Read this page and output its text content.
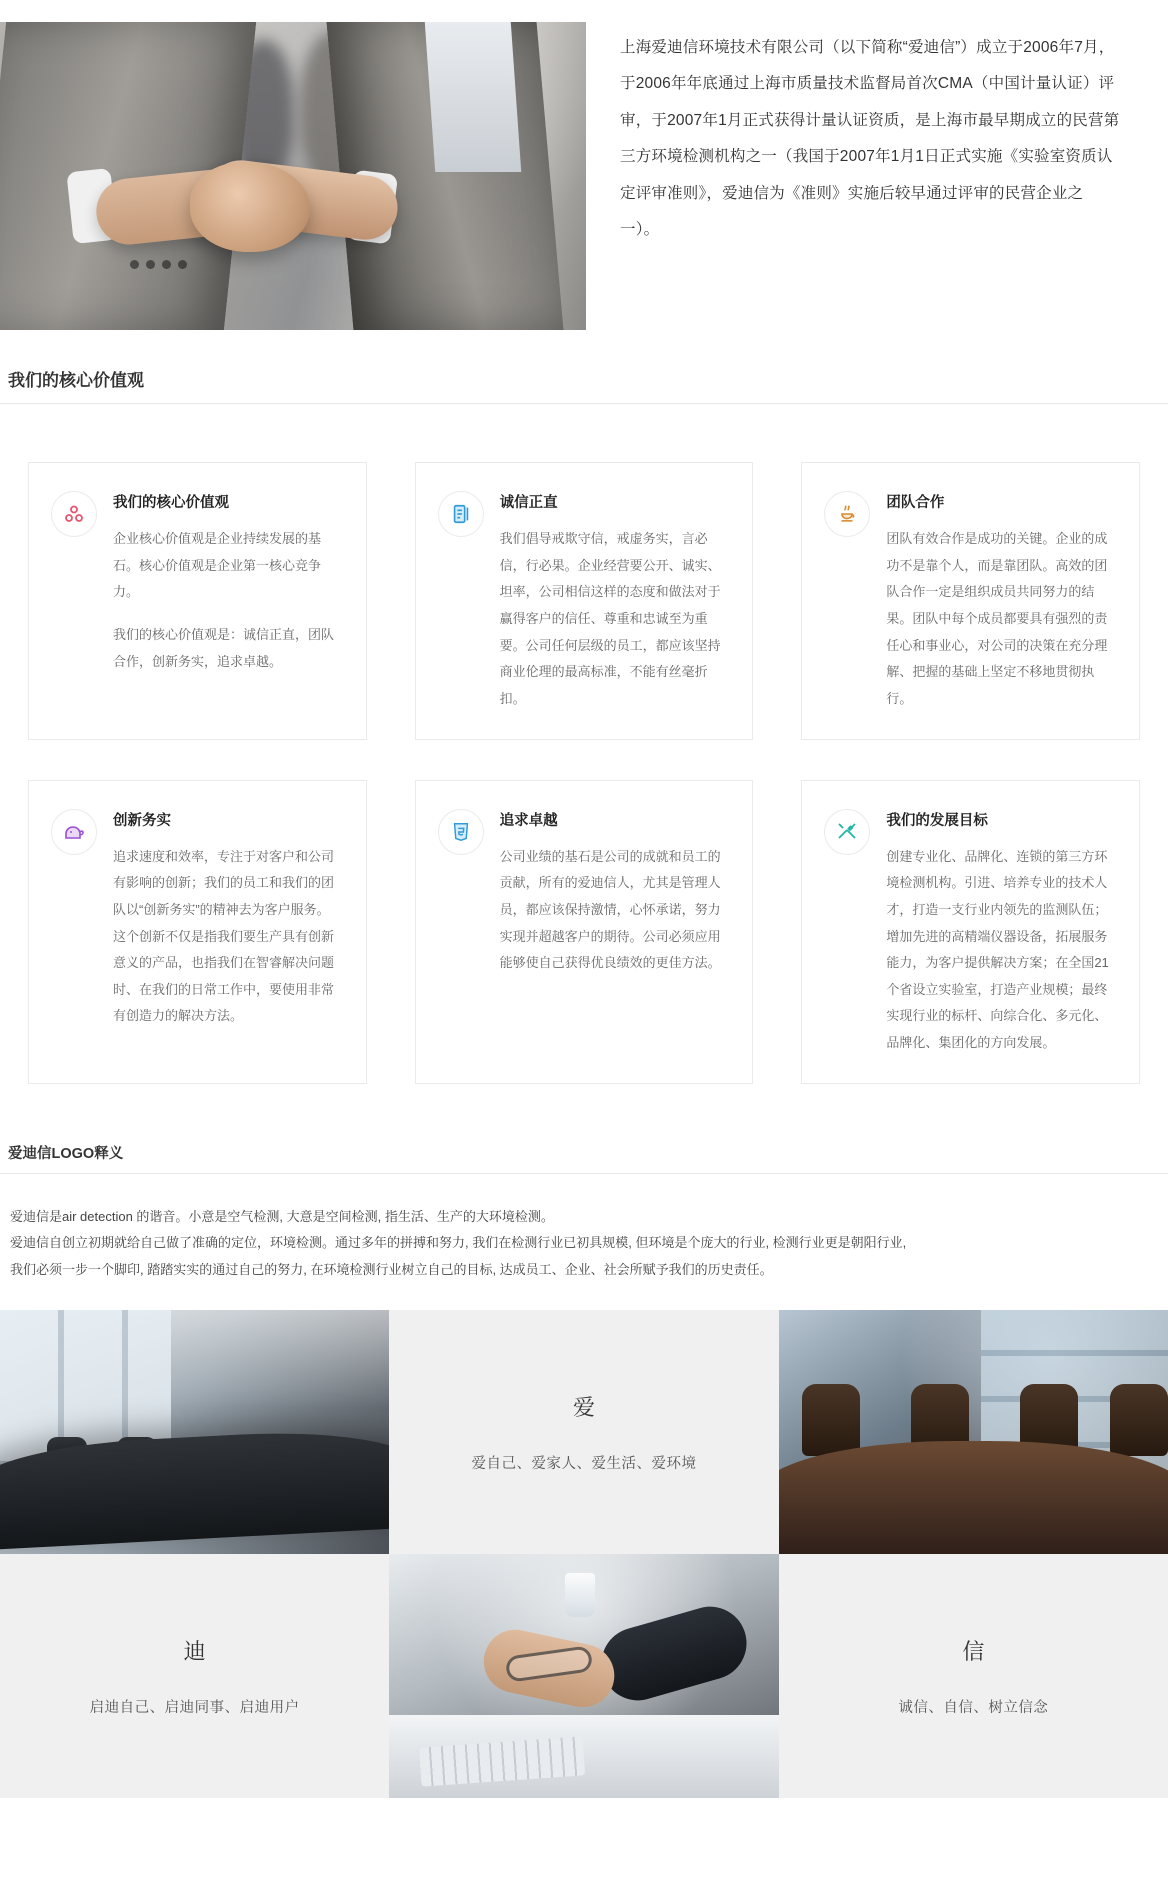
上海爱迪信环境技术有限公司（以下简称“爱迪信”）成立于2006年7月，于2006年年底通过上海市质量技术监督局首次CMA（中国计量认证）评审，于2007年1月正式获得计量认证资质，是上海市最早期成立的民营第三方环境检测机构之一（我国于2007年1月1日正式实施《实验室资质认定评审准则》，爱迪信为《准则》实施后较早通过评审的民营企业之一）。
我们的核心价值观
我们的核心价值观

企业核心价值观是企业持续发展的基石。核心价值观是企业第一核心竞争力。

我们的核心价值观是：诚信正直，团队合作，创新务实，追求卓越。

诚信正直

我们倡导戒欺守信，戒虚务实，言必信，行必果。企业经营要公开、诚实、坦率，公司相信这样的态度和做法对于赢得客户的信任、尊重和忠诚至为重要。公司任何层级的员工，都应该坚持商业伦理的最高标准，不能有丝毫折扣。

团队合作

团队有效合作是成功的关键。企业的成功不是靠个人，而是靠团队。高效的团队合作一定是组织成员共同努力的结果。团队中每个成员都要具有强烈的责任心和事业心，对公司的决策在充分理解、把握的基础上坚定不移地贯彻执行。

创新务实

追求速度和效率，专注于对客户和公司有影响的创新；我们的员工和我们的团队以“创新务实”的精神去为客户服务。这个创新不仅是指我们要生产具有创新意义的产品，也指我们在智睿解决问题时、在我们的日常工作中，要使用非常有创造力的解决方法。

追求卓越

公司业绩的基石是公司的成就和员工的贡献，所有的爱迪信人，尤其是管理人员，都应该保持激情，心怀承诺，努力实现并超越客户的期待。公司必须应用能够使自己获得优良绩效的更佳方法。

我们的发展目标

创建专业化、品牌化、连锁的第三方环境检测机构。引进、培养专业的技术人才，打造一支行业内领先的监测队伍；增加先进的高精端仪器设备，拓展服务能力，为客户提供解决方案；在全国21个省设立实验室，打造产业规模；最终实现行业的标杆、向综合化、多元化、品牌化、集团化的方向发展。

爱迪信LOGO释义

爱迪信是air detection 的谐音。小意是空气检测, 大意是空间检测, 指生活、生产的大环境检测。

爱迪信自创立初期就给自己做了准确的定位，环境检测。通过多年的拼搏和努力, 我们在检测行业已初具规模, 但环境是个庞大的行业, 检测行业更是朝阳行业,

我们必须一步一个脚印, 踏踏实实的通过自己的努力, 在环境检测行业树立自己的目标, 达成员工、企业、社会所赋予我们的历史责任。

爱
爱自己、爱家人、爱生活、爱环境
迪
启迪自己、启迪同事、启迪用户
信
诚信、自信、树立信念
